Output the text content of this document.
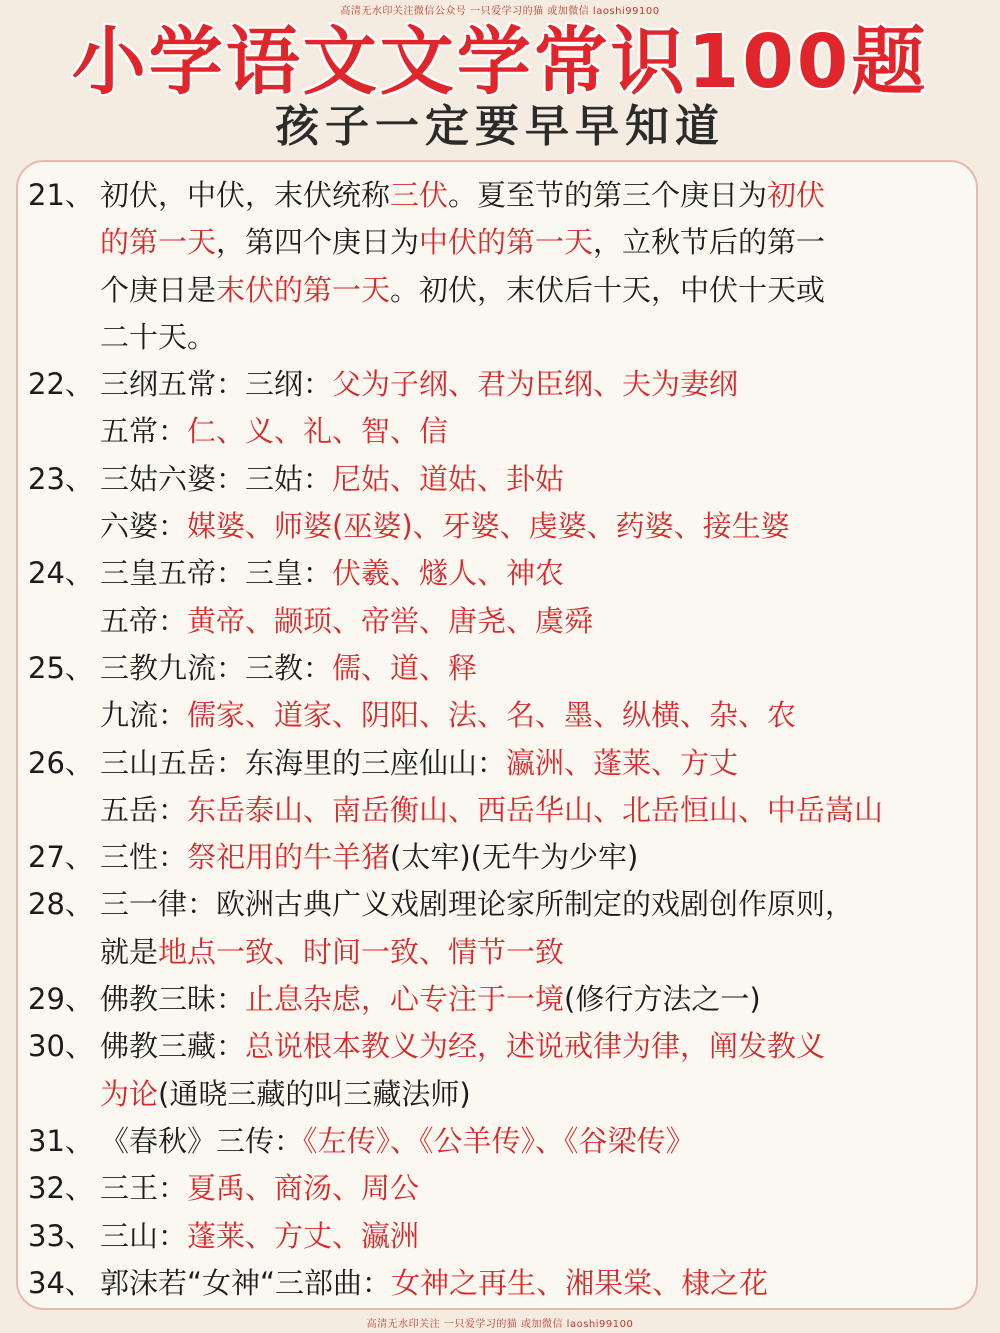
高清无水印关注微信公众号 一只爱学习的猫 或加微信 laoshi99100
小学语文文学常识100题
孩子一定要早早知道
21、 初伏，中伏，末伏统称三伏。夏至节的第三个庚日为初伏
的第一天，第四个庚日为中伏的第一天，立秋节后的第一
个庚日是末伏的第一天。初伏，末伏后十天，中伏十天或
二十天。
22、 三纲五常：三纲：父为子纲、君为臣纲、夫为妻纲
五常：仁、义、礼、智、信
23、 三姑六婆：三姑：尼姑、道姑、卦姑
六婆：媒婆、师婆(巫婆)、牙婆、虔婆、药婆、接生婆
24、 三皇五帝：三皇：伏羲、燧人、神农
五帝：黄帝、颛顼、帝喾、唐尧、虞舜
25、 三教九流：三教：儒、道、释
九流：儒家、道家、阴阳、法、名、墨、纵横、杂、农
26、 三山五岳：东海里的三座仙山：瀛洲、蓬莱、方丈
五岳：东岳泰山、南岳衡山、西岳华山、北岳恒山、中岳嵩山
27、 三性：祭祀用的牛羊猪(太牢)(无牛为少牢)
28、 三一律：欧洲古典广义戏剧理论家所制定的戏剧创作原则，
就是地点一致、时间一致、情节一致
29、 佛教三昧：止息杂虑，心专注于一境(修行方法之一)
30、 佛教三藏：总说根本教义为经，述说戒律为律，阐发教义
为论(通晓三藏的叫三藏法师)
31、 《春秋》三传：《左传》、《公羊传》、《谷梁传》
32、 三王：夏禹、商汤、周公
33、 三山：蓬莱、方丈、瀛洲
34、 郭沫若“女神“三部曲：女神之再生、湘果棠、棣之花
高清无水印关注 一只爱学习的猫 或加微信 laoshi99100
